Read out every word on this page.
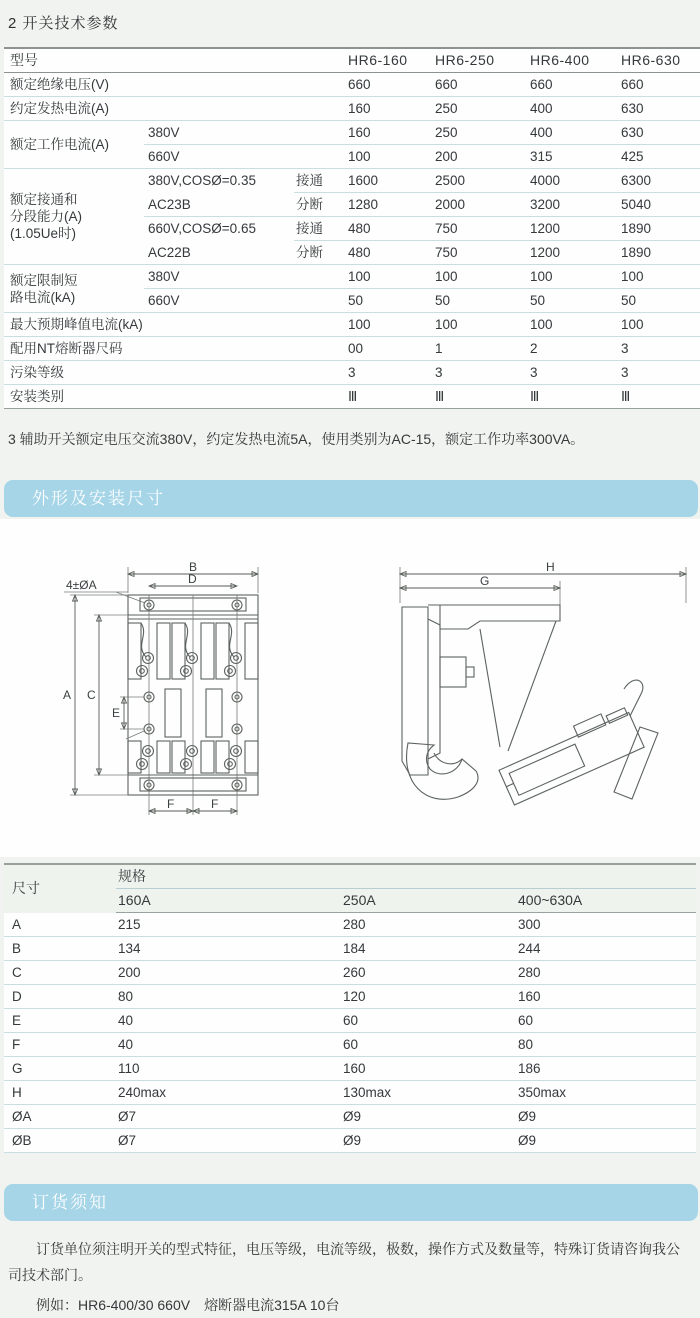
2 开关技术参数
型号			HR6-160	HR6-250	HR6-400	HR6-630
额定绝缘电压(V)			660	660	660	660
约定发热电流(A)			160	250	400	630
额定工作电流(A)	380V		160	250	400	630
	660V		100	200	315	425
额定接通和
分段能力(A)
(1.05Ue时)	380V,COSØ=0.35	接通	1600	2500	4000	6300
	AC23B	分断	1280	2000	3200	5040
	660V,COSØ=0.65	接通	480	750	1200	1890
	AC22B	分断	480	750	1200	1890
额定限制短
路电流(kA)	380V		100	100	100	100
	660V		50	50	50	50
最大预期峰值电流(kA)			100	100	100	100
配用NT熔断器尺码			00	1	2	3
污染等级			3	3	3	3
安装类别			Ⅲ	Ⅲ	Ⅲ	Ⅲ

3 辅助开关额定电压交流380V，约定发热电流5A，使用类别为AC-15，额定工作功率300VA。

外形及安装尺寸
B
D
4±ØA
E
A C
F	F
H
G
尺寸	规格		
	160A	250A	400~630A
A	215	280	300
B	134	184	244
C	200	260	280
D	80	120	160
E	40	60	60
F	40	60	80
G	110	160	186
H	240max	130max	350max
ØA	Ø7	Ø9	Ø9
ØB	Ø7	Ø9	Ø9
订货须知

订货单位须注明开关的型式特征，电压等级，电流等级，极数，操作方式及数量等，特殊订货请咨询我公司技术部门。

例如：HR6-400/30 660V　熔断器电流315A 10台
